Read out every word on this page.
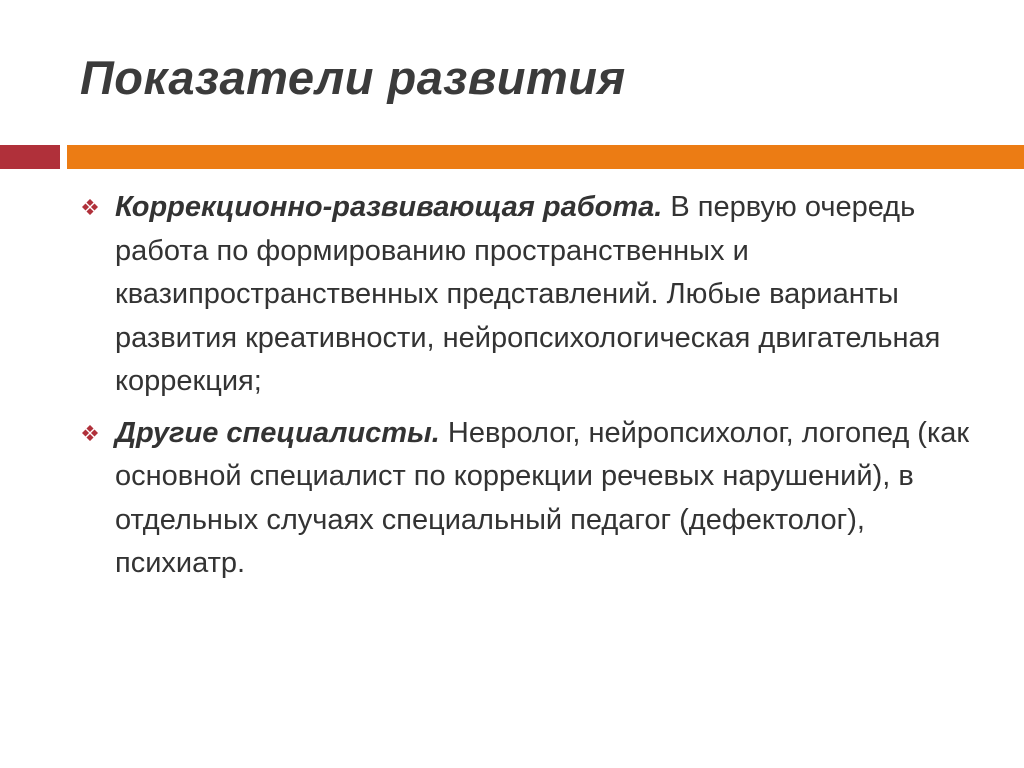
Показатели развития
Коррекционно-развивающая работа. В первую очередь работа по формированию пространственных и квазипространственных представлений. Любые варианты развития креативности, нейропсихологическая двигательная коррекция;
Другие специалисты. Невролог, нейропсихолог, логопед (как основной специалист по коррекции речевых нарушений), в отдельных случаях специальный педагог (дефектолог), психиатр.
